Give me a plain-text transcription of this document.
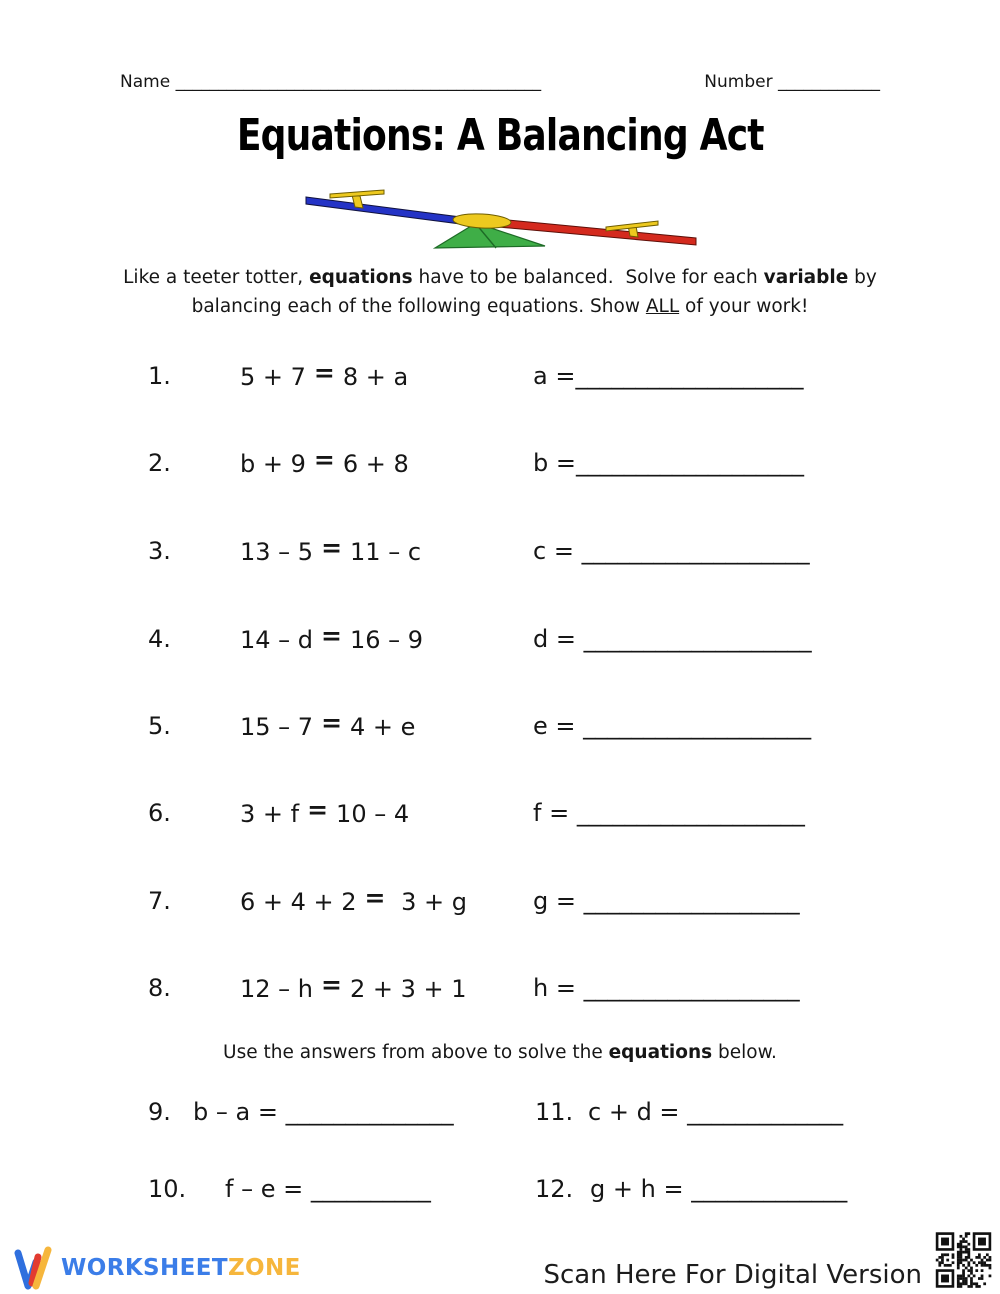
Name ___________________________________________	Number ____________
Equations: A Balancing Act
Like a teeter totter, equations have to be balanced.  Solve for each variable by
balancing each of the following equations. Show ALL of your work!
1.	5 + 7 = 8 + a	a =___________________
2.	b + 9 = 6 + 8	b =___________________
3.	13 – 5 = 11 – c	c = ___________________
4.	14 – d = 16 – 9	d = ___________________
5.	15 – 7 = 4 + e	e = ___________________
6.	3 + f = 10 – 4	f = ___________________
7.	6 + 4 + 2 = 3 + g	g = __________________
8.	12 – h = 2 + 3 + 1	h = __________________
Use the answers from above to solve the equations below.
9. b – a = ______________	11. c + d = _____________
10. f – e = __________	12. g + h = _____________
WORKSHEETZONE	Scan Here For Digital Version
